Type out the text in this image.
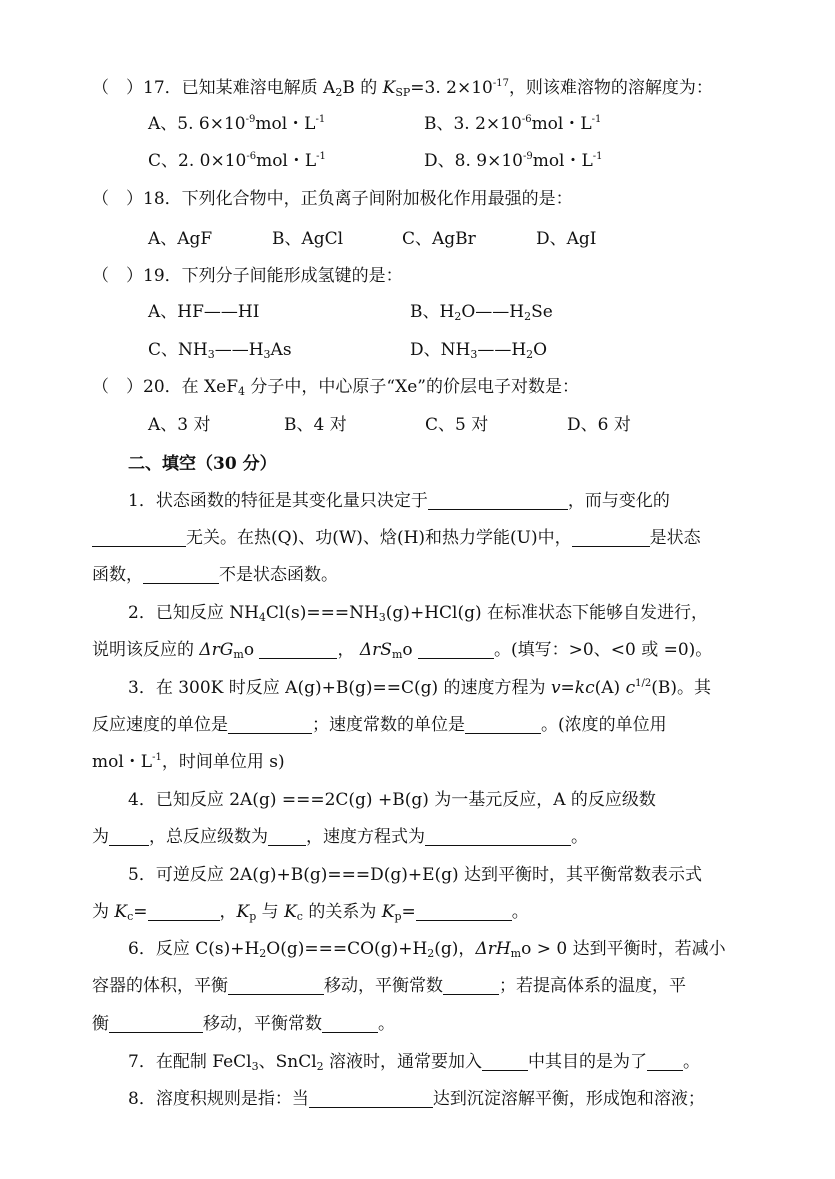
（　）17．已知某难溶电解质 $A_2B$ 的 $K_{SP}=3$. $2\times 10^{-17}$，则该难溶物的溶解度为：
A、5. $6\times 10^{-9}mol$・$L^{-1}$	B、3. $2\times 10^{-6}mol$・$L^{-1}$
C、2. $0\times 10^{-6}mol$・$L^{-1}$	D、8. $9\times 10^{-9}mol$・$L^{-1}$
（　）18．下列化合物中，正负离子间附加极化作用最强的是：
A、AgF	B、AgCl	C、AgBr	D、AgI
（　）19．下列分子间能形成氢键的是：
A、HF——HI	B、$H_2O——H_2Se$
C、$NH_3——H_3As$	D、$NH_3——H_2O$
（　）20．在 XeF$_4$ 分子中，中心原子“Xe”的价层电子对数是：
A、3 对	B、4 对	C、5 对	D、6 对
二、填空（30 分）
1．状态函数的特征是其变化量只决定于	，而与变化的
无关。在热(Q)、功(W)、焓(H)和热力学能(U)中，	是状态
函数，	不是状态函数。
2．已知反应 $NH_4Cl(s)===NH_3(g)+HCl(g)$ 在标准状态下能够自发进行，
说明该反应的 ΔrG$_m$o	， ΔrS$_m$o	。(填写：>0、<0 或 =0)。
3．在 300K 时反应 A(g)+B(g)==C(g) 的速度方程为 v=kc(A) $c^{1/2}(B)$。其
反应速度的单位是	；速度常数的单位是	。(浓度的单位用
mol・$L^{-1}$，时间单位用 s)
4．已知反应 2A(g) ===2C(g) +B(g) 为一基元反应，A 的反应级数
为 ，总反应级数为 ，速度方程式为	。
5．可逆反应 2A(g)+B(g)===D(g)+E(g) 达到平衡时，其平衡常数表示式
为 $K_c=$	，$K_p$ 与 $K_c$ 的关系为 $K_p=$	。
6．反应 $C(s)+H_2O(g)===CO(g)+H_2(g)$，ΔrH$_m$o > 0 达到平衡时，若减小
容器的体积，平衡	移动，平衡常数	；若提高体系的温度，平
衡	移动，平衡常数	。
7．在配制 FeCl$_3$、SnCl$_2$ 溶液时，通常要加入	中其目的是为了 。
8．溶度积规则是指：当	达到沉淀溶解平衡，形成饱和溶液；
